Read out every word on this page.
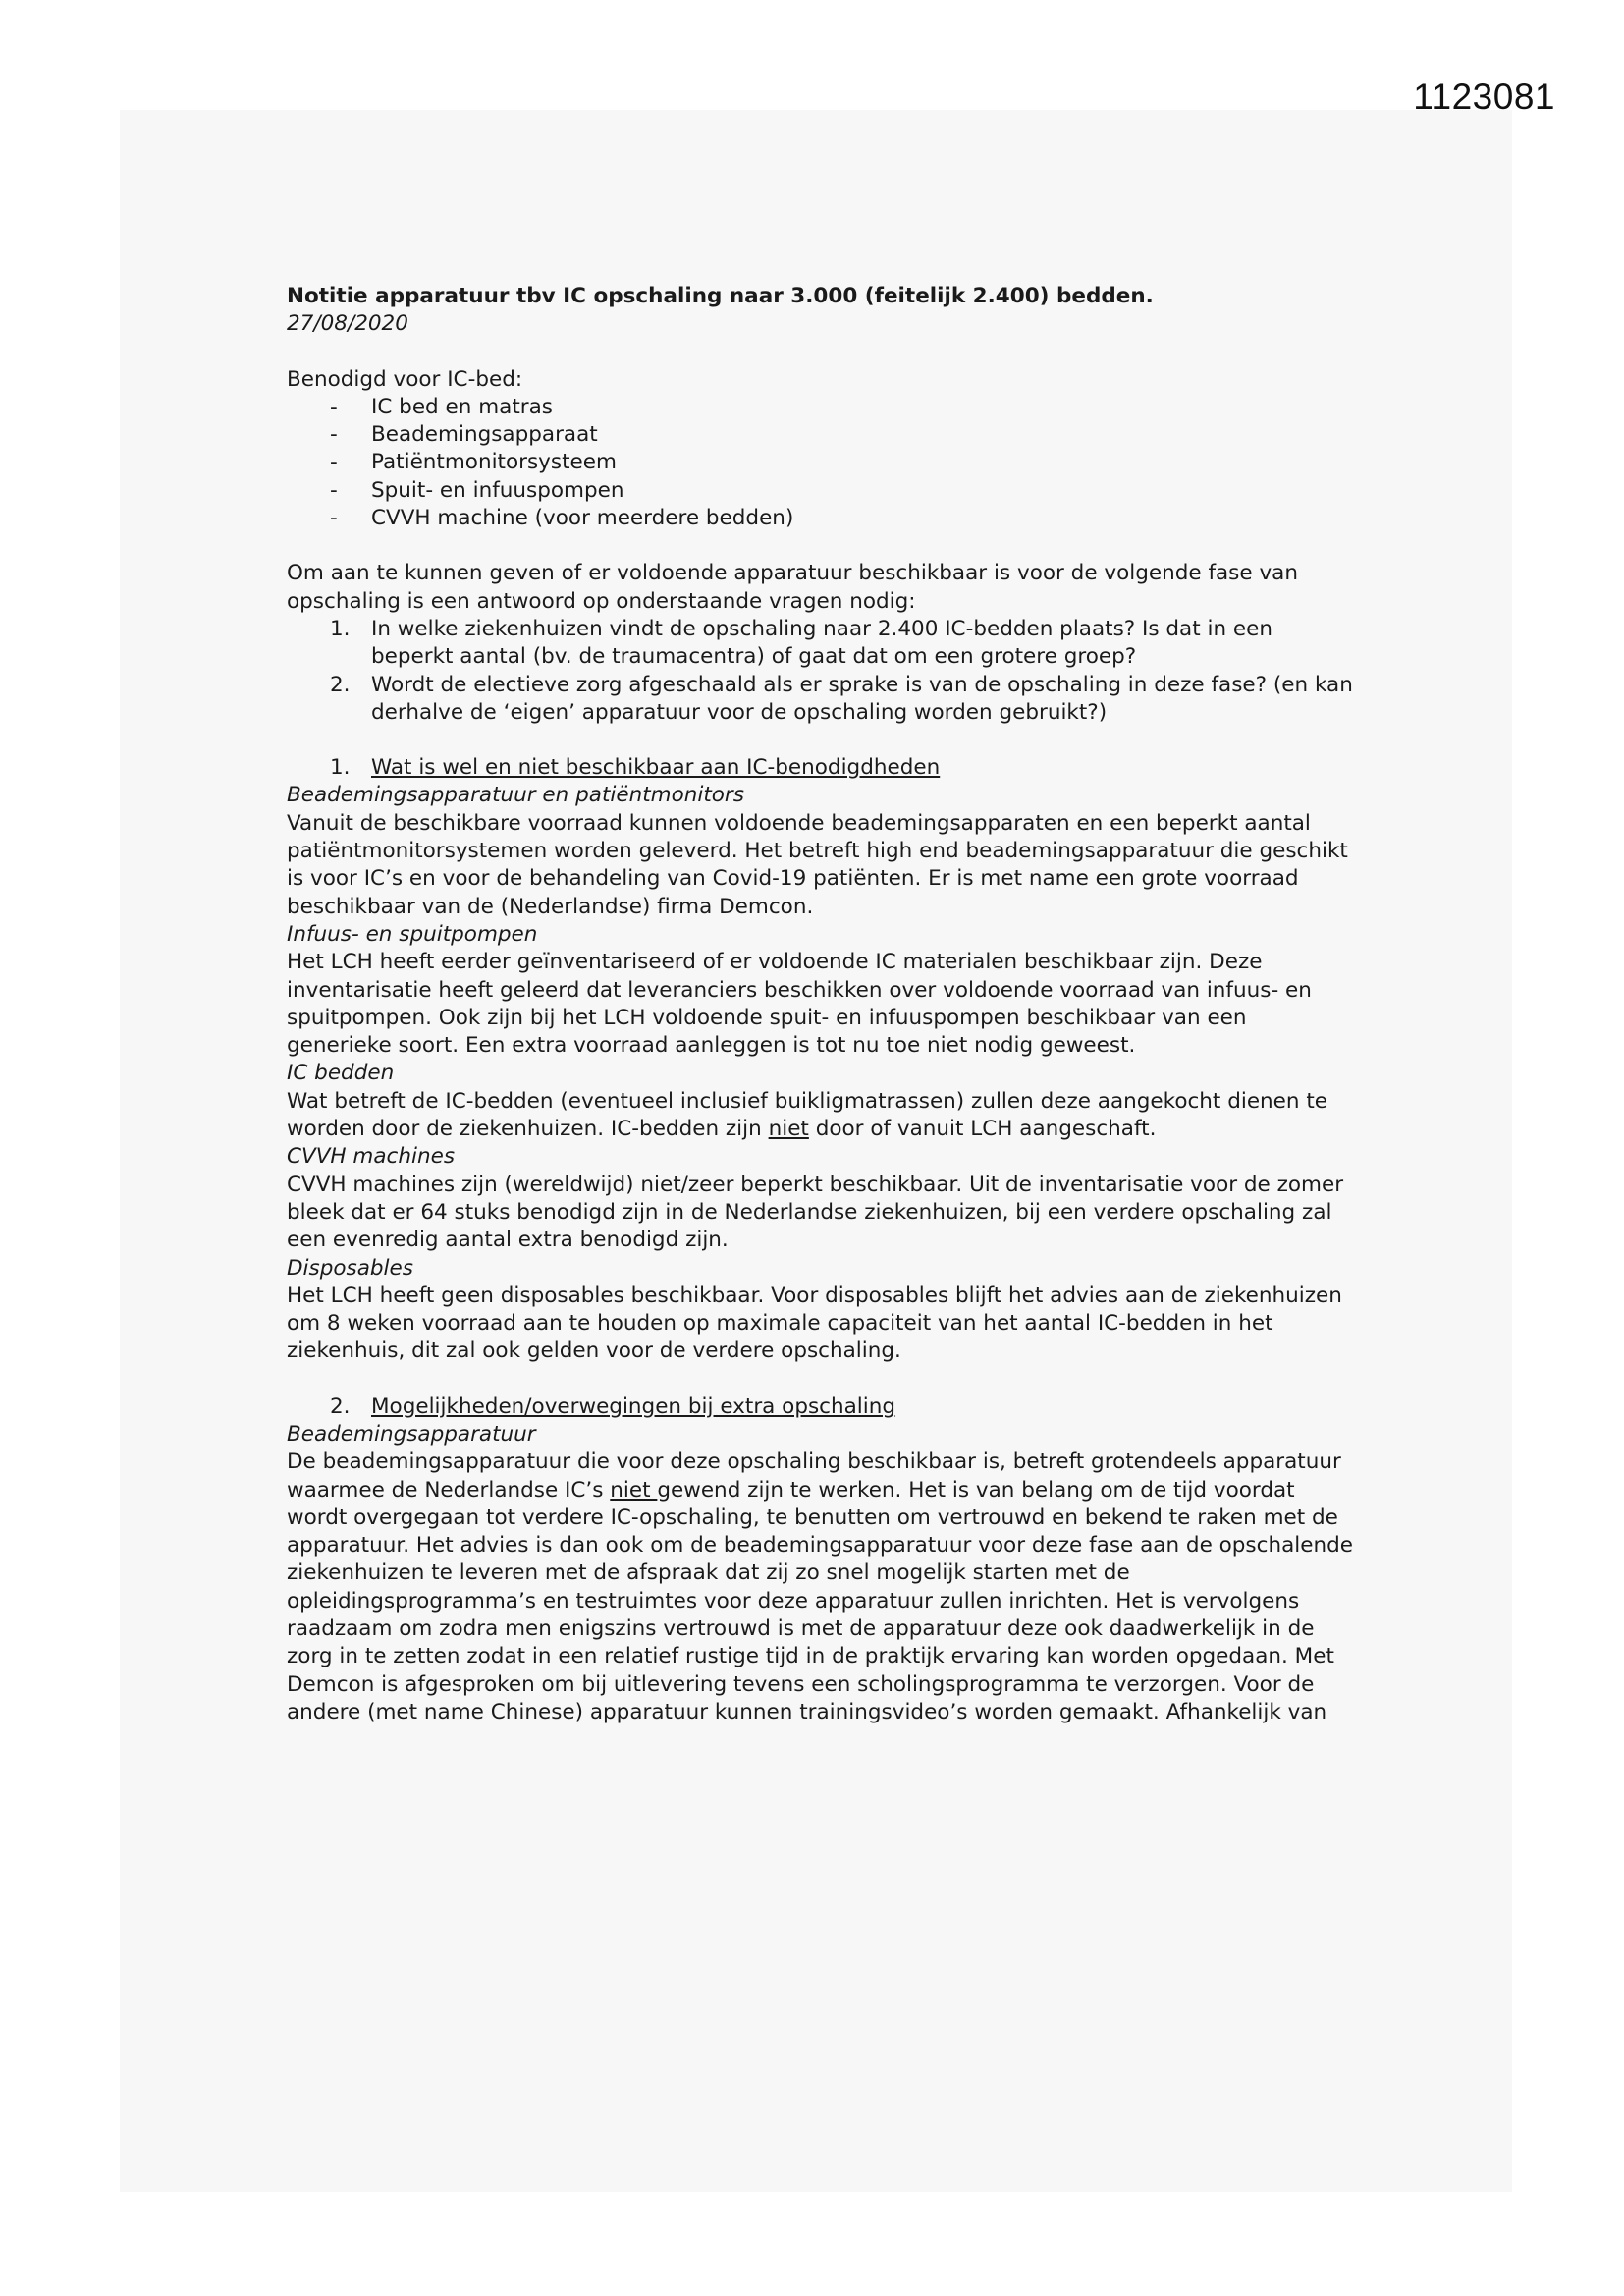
1123081

Notitie apparatuur tbv IC opschaling naar 3.000 (feitelijk 2.400) bedden.

27/08/2020

Benodigd voor IC-bed:

- IC bed en matras
- Beademingsapparaat
- Patiëntmonitorsysteem
- Spuit- en infuuspompen
- CVVH machine (voor meerdere bedden)

Om aan te kunnen geven of er voldoende apparatuur beschikbaar is voor de volgende fase van opschaling is een antwoord op onderstaande vragen nodig:

1. In welke ziekenhuizen vindt de opschaling naar 2.400 IC-bedden plaats? Is dat in een beperkt aantal (bv. de traumacentra) of gaat dat om een grotere groep?
2. Wordt de electieve zorg afgeschaald als er sprake is van de opschaling in deze fase? (en kan derhalve de ‘eigen’ apparatuur voor de opschaling worden gebruikt?)

1. Wat is wel en niet beschikbaar aan IC-benodigdheden

Beademingsapparatuur en patiëntmonitors

Vanuit de beschikbare voorraad kunnen voldoende beademingsapparaten en een beperkt aantal patiëntmonitorsystemen worden geleverd. Het betreft high end beademingsapparatuur die geschikt is voor IC’s en voor de behandeling van Covid-19 patiënten. Er is met name een grote voorraad beschikbaar van de (Nederlandse) firma Demcon.

Infuus- en spuitpompen

Het LCH heeft eerder geïnventariseerd of er voldoende IC materialen beschikbaar zijn. Deze inventarisatie heeft geleerd dat leveranciers beschikken over voldoende voorraad van infuus- en spuitpompen. Ook zijn bij het LCH voldoende spuit- en infuuspompen beschikbaar van een generieke soort. Een extra voorraad aanleggen is tot nu toe niet nodig geweest.

IC bedden

Wat betreft de IC-bedden (eventueel inclusief buikligmatrassen) zullen deze aangekocht dienen te worden door de ziekenhuizen. IC-bedden zijn niet door of vanuit LCH aangeschaft.

CVVH machines

CVVH machines zijn (wereldwijd) niet/zeer beperkt beschikbaar. Uit de inventarisatie voor de zomer bleek dat er 64 stuks benodigd zijn in de Nederlandse ziekenhuizen, bij een verdere opschaling zal een evenredig aantal extra benodigd zijn.

Disposables

Het LCH heeft geen disposables beschikbaar. Voor disposables blijft het advies aan de ziekenhuizen om 8 weken voorraad aan te houden op maximale capaciteit van het aantal IC-bedden in het ziekenhuis, dit zal ook gelden voor de verdere opschaling.

2. Mogelijkheden/overwegingen bij extra opschaling

Beademingsapparatuur

De beademingsapparatuur die voor deze opschaling beschikbaar is, betreft grotendeels apparatuur waarmee de Nederlandse IC’s niet gewend zijn te werken. Het is van belang om de tijd voordat wordt overgegaan tot verdere IC-opschaling, te benutten om vertrouwd en bekend te raken met de apparatuur. Het advies is dan ook om de beademingsapparatuur voor deze fase aan de opschalende ziekenhuizen te leveren met de afspraak dat zij zo snel mogelijk starten met de opleidingsprogramma’s en testruimtes voor deze apparatuur zullen inrichten. Het is vervolgens raadzaam om zodra men enigszins vertrouwd is met de apparatuur deze ook daadwerkelijk in de zorg in te zetten zodat in een relatief rustige tijd in de praktijk ervaring kan worden opgedaan. Met Demcon is afgesproken om bij uitlevering tevens een scholingsprogramma te verzorgen. Voor de andere (met name Chinese) apparatuur kunnen trainingsvideo’s worden gemaakt. Afhankelijk van
